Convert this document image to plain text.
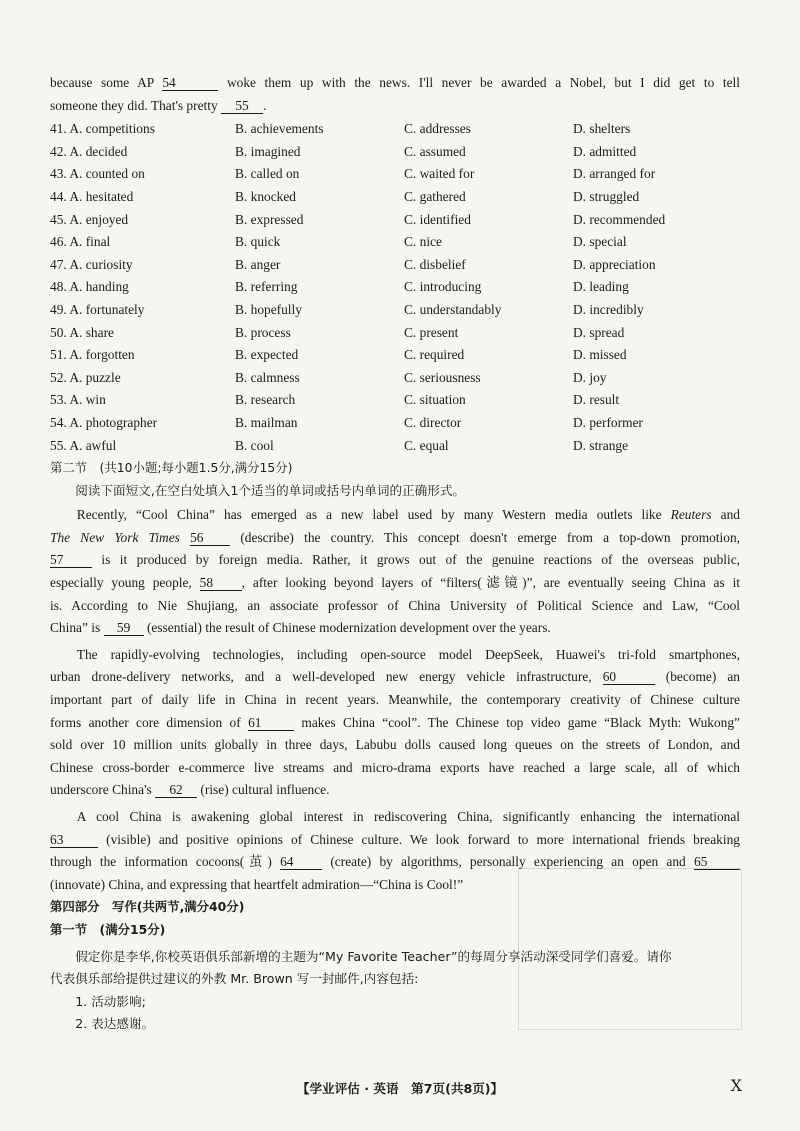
because some AP 54	woke them up with the news. I'll never be awarded a Nobel, but I did get to tell
someone they did. That's pretty 55 .
41. A. competitions	B. achievements	C. addresses	D. shelters
42. A. decided	B. imagined	C. assumed	D. admitted
43. A. counted on	B. called on	C. waited for	D. arranged for
44. A. hesitated	B. knocked	C. gathered	D. struggled
45. A. enjoyed	B. expressed	C. identified	D. recommended
46. A. final	B. quick	C. nice	D. special
47. A. curiosity	B. anger	C. disbelief	D. appreciation
48. A. handing	B. referring	C. introducing	D. leading
49. A. fortunately	B. hopefully	C. understandably	D. incredibly
50. A. share	B. process	C. present	D. spread
51. A. forgotten	B. expected	C. required	D. missed
52. A. puzzle	B. calmness	C. seriousness	D. joy
53. A. win	B. research	C. situation	D. result
54. A. photographer	B. mailman	C. director	D. performer
55. A. awful	B. cool	C. equal	D. strange
第二节　(共10小题;每小题1.5分,满分15分)
阅读下面短文,在空白处填入1个适当的单词或括号内单词的正确形式。
Recently, “Cool China” has emerged as a new label used by many Western media outlets like Reuters and
The New York Times 56	(describe) the country. This concept doesn't emerge from a top-down promotion,
57	is it produced by foreign media. Rather, it grows out of the genuine reactions of the overseas public,
especially young people, 58 , after looking beyond layers of “filters(滤镜)”, are eventually seeing China as it
is. According to Nie Shujiang, an associate professor of China University of Political Science and Law, “Cool
China” is 59 (essential) the result of Chinese modernization development over the years.
The rapidly-evolving technologies, including open-source model DeepSeek, Huawei's tri-fold smartphones,
urban drone-delivery networks, and a well-developed new energy vehicle infrastructure, 60	(become) an
important part of daily life in China in recent years. Meanwhile, the contemporary creativity of Chinese culture
forms another core dimension of 61	makes China “cool”. The Chinese top video game “Black Myth: Wukong”
sold over 10 million units globally in three days, Labubu dolls caused long queues on the streets of London, and
Chinese cross-border e-commerce live streams and micro-drama exports have reached a large scale, all of which
underscore China's 62 (rise) cultural influence.
A cool China is awakening global interest in rediscovering China, significantly enhancing the international
63	(visible) and positive opinions of Chinese culture. We look forward to more international friends breaking
through the information cocoons(茧) 64	(create) by algorithms, personally experiencing an open and 65
(innovate) China, and expressing that heartfelt admiration—“China is Cool!”
第四部分　写作(共两节,满分40分)
第一节　(满分15分)
假定你是李华,你校英语俱乐部新增的主题为“My Favorite Teacher”的每周分享活动深受同学们喜爱。请你
代表俱乐部给提供过建议的外教 Mr. Brown 写一封邮件,内容包括:
1. 活动影响;
2. 表达感谢。
【学业评估 · 英语　第7页(共8页)】	X
